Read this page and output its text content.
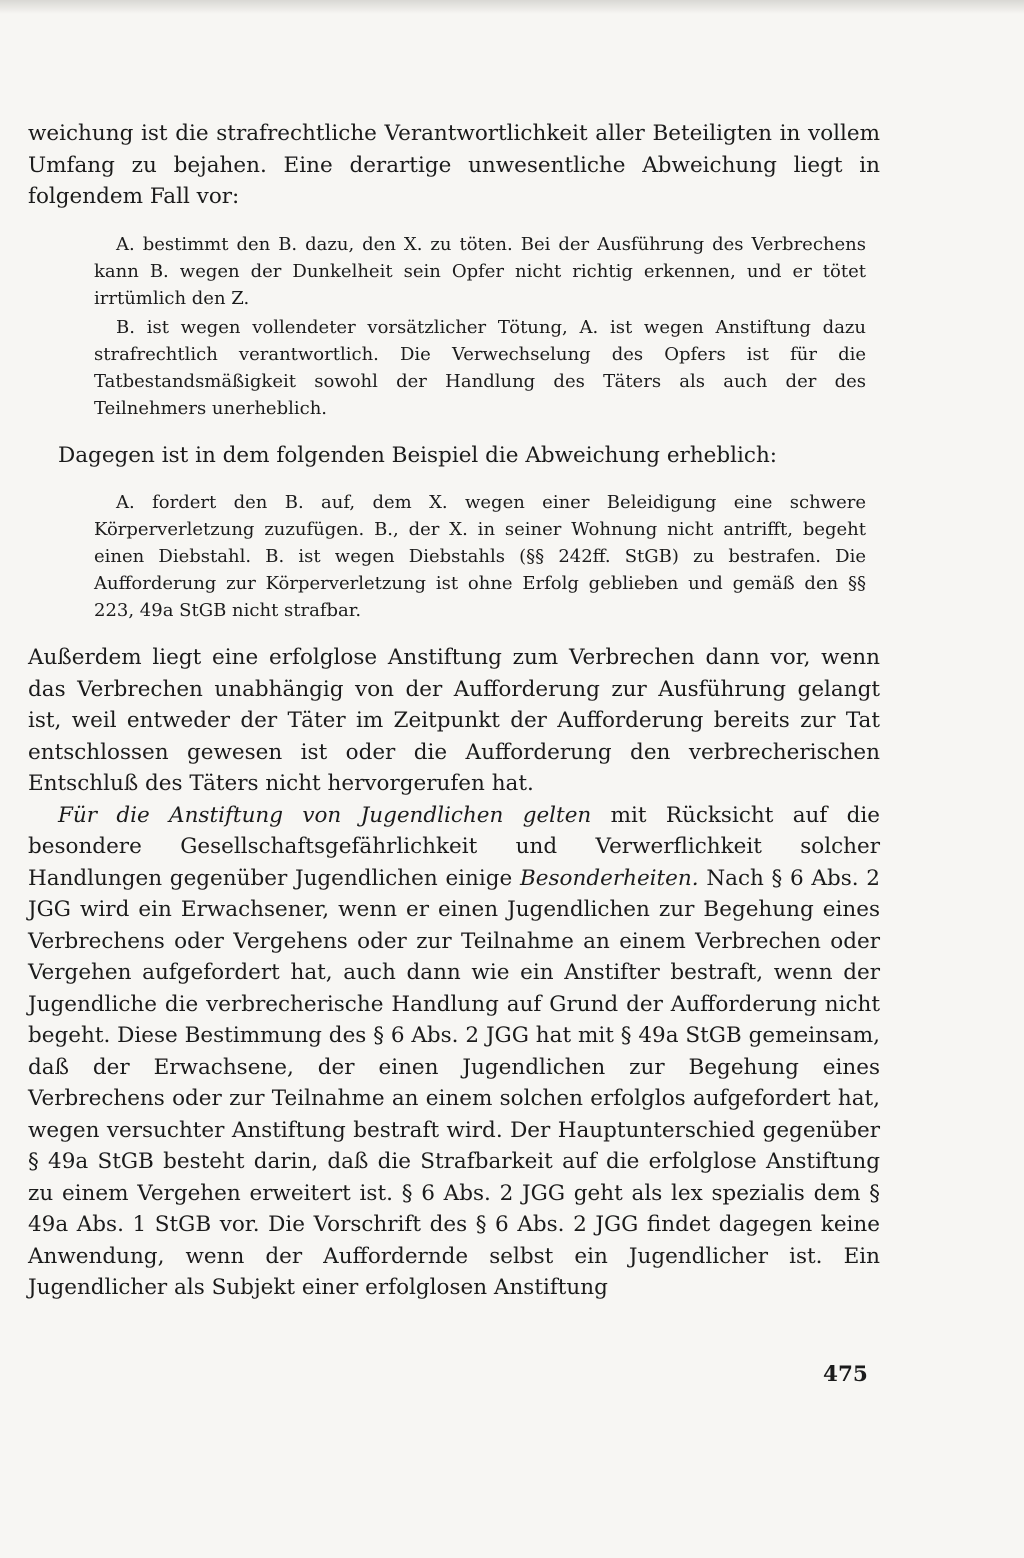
weichung ist die strafrechtliche Verantwortlichkeit aller Beteiligten in vollem Umfang zu bejahen. Eine derartige unwesentliche Abweichung liegt in folgendem Fall vor:

A. bestimmt den B. dazu, den X. zu töten. Bei der Ausführung des Verbrechens kann B. wegen der Dunkelheit sein Opfer nicht richtig erkennen, und er tötet irrtümlich den Z.

B. ist wegen vollendeter vorsätzlicher Tötung, A. ist wegen Anstiftung dazu strafrechtlich verantwortlich. Die Verwechselung des Opfers ist für die Tatbestandsmäßigkeit sowohl der Handlung des Täters als auch der des Teilnehmers unerheblich.

Dagegen ist in dem folgenden Beispiel die Abweichung erheblich:

A. fordert den B. auf, dem X. wegen einer Beleidigung eine schwere Körperverletzung zuzufügen. B., der X. in seiner Wohnung nicht antrifft, begeht einen Diebstahl. B. ist wegen Diebstahls (§§ 242ff. StGB) zu bestrafen. Die Aufforderung zur Körperverletzung ist ohne Erfolg geblieben und gemäß den §§ 223, 49a StGB nicht strafbar.

Außerdem liegt eine erfolglose Anstiftung zum Verbrechen dann vor, wenn das Verbrechen unabhängig von der Aufforderung zur Ausführung gelangt ist, weil entweder der Täter im Zeitpunkt der Aufforderung bereits zur Tat entschlossen gewesen ist oder die Aufforderung den verbrecherischen Entschluß des Täters nicht hervorgerufen hat.

Für die Anstiftung von Jugendlichen gelten mit Rücksicht auf die besondere Gesellschaftsgefährlichkeit und Verwerflichkeit solcher Handlungen gegenüber Jugendlichen einige Besonderheiten. Nach § 6 Abs. 2 JGG wird ein Erwachsener, wenn er einen Jugendlichen zur Begehung eines Verbrechens oder Vergehens oder zur Teilnahme an einem Verbrechen oder Vergehen aufgefordert hat, auch dann wie ein Anstifter bestraft, wenn der Jugendliche die verbrecherische Handlung auf Grund der Aufforderung nicht begeht. Diese Bestimmung des § 6 Abs. 2 JGG hat mit § 49a StGB gemeinsam, daß der Erwachsene, der einen Jugendlichen zur Begehung eines Verbrechens oder zur Teilnahme an einem solchen erfolglos aufgefordert hat, wegen versuchter Anstiftung bestraft wird. Der Hauptunterschied gegenüber § 49a StGB besteht darin, daß die Strafbarkeit auf die erfolglose Anstiftung zu einem Vergehen erweitert ist. § 6 Abs. 2 JGG geht als lex spezialis dem § 49a Abs. 1 StGB vor. Die Vorschrift des § 6 Abs. 2 JGG findet dagegen keine Anwendung, wenn der Auffordernde selbst ein Jugendlicher ist. Ein Jugendlicher als Subjekt einer erfolglosen Anstiftung

475
